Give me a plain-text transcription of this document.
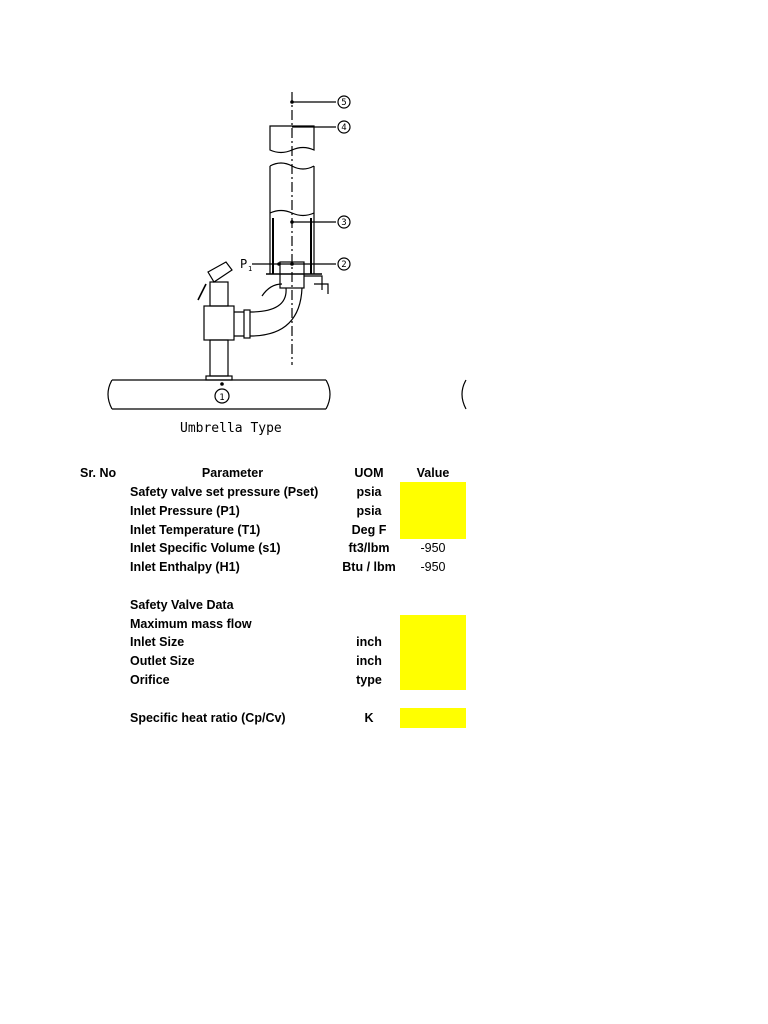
5
4
3
2
1
P 1
Umbrella Type
Sr. No	Parameter	UOM	Value
Safety valve set pressure (Pset)	psia
Inlet Pressure (P1)	psia
Inlet Temperature (T1)	Deg F
Inlet Specific Volume (s1)	ft3/lbm	-950
Inlet Enthalpy (H1)	Btu / lbm	-950
Safety Valve Data
Maximum mass flow
Inlet Size	inch
Outlet Size	inch
Orifice	type
Specific heat ratio (Cp/Cv)	K
